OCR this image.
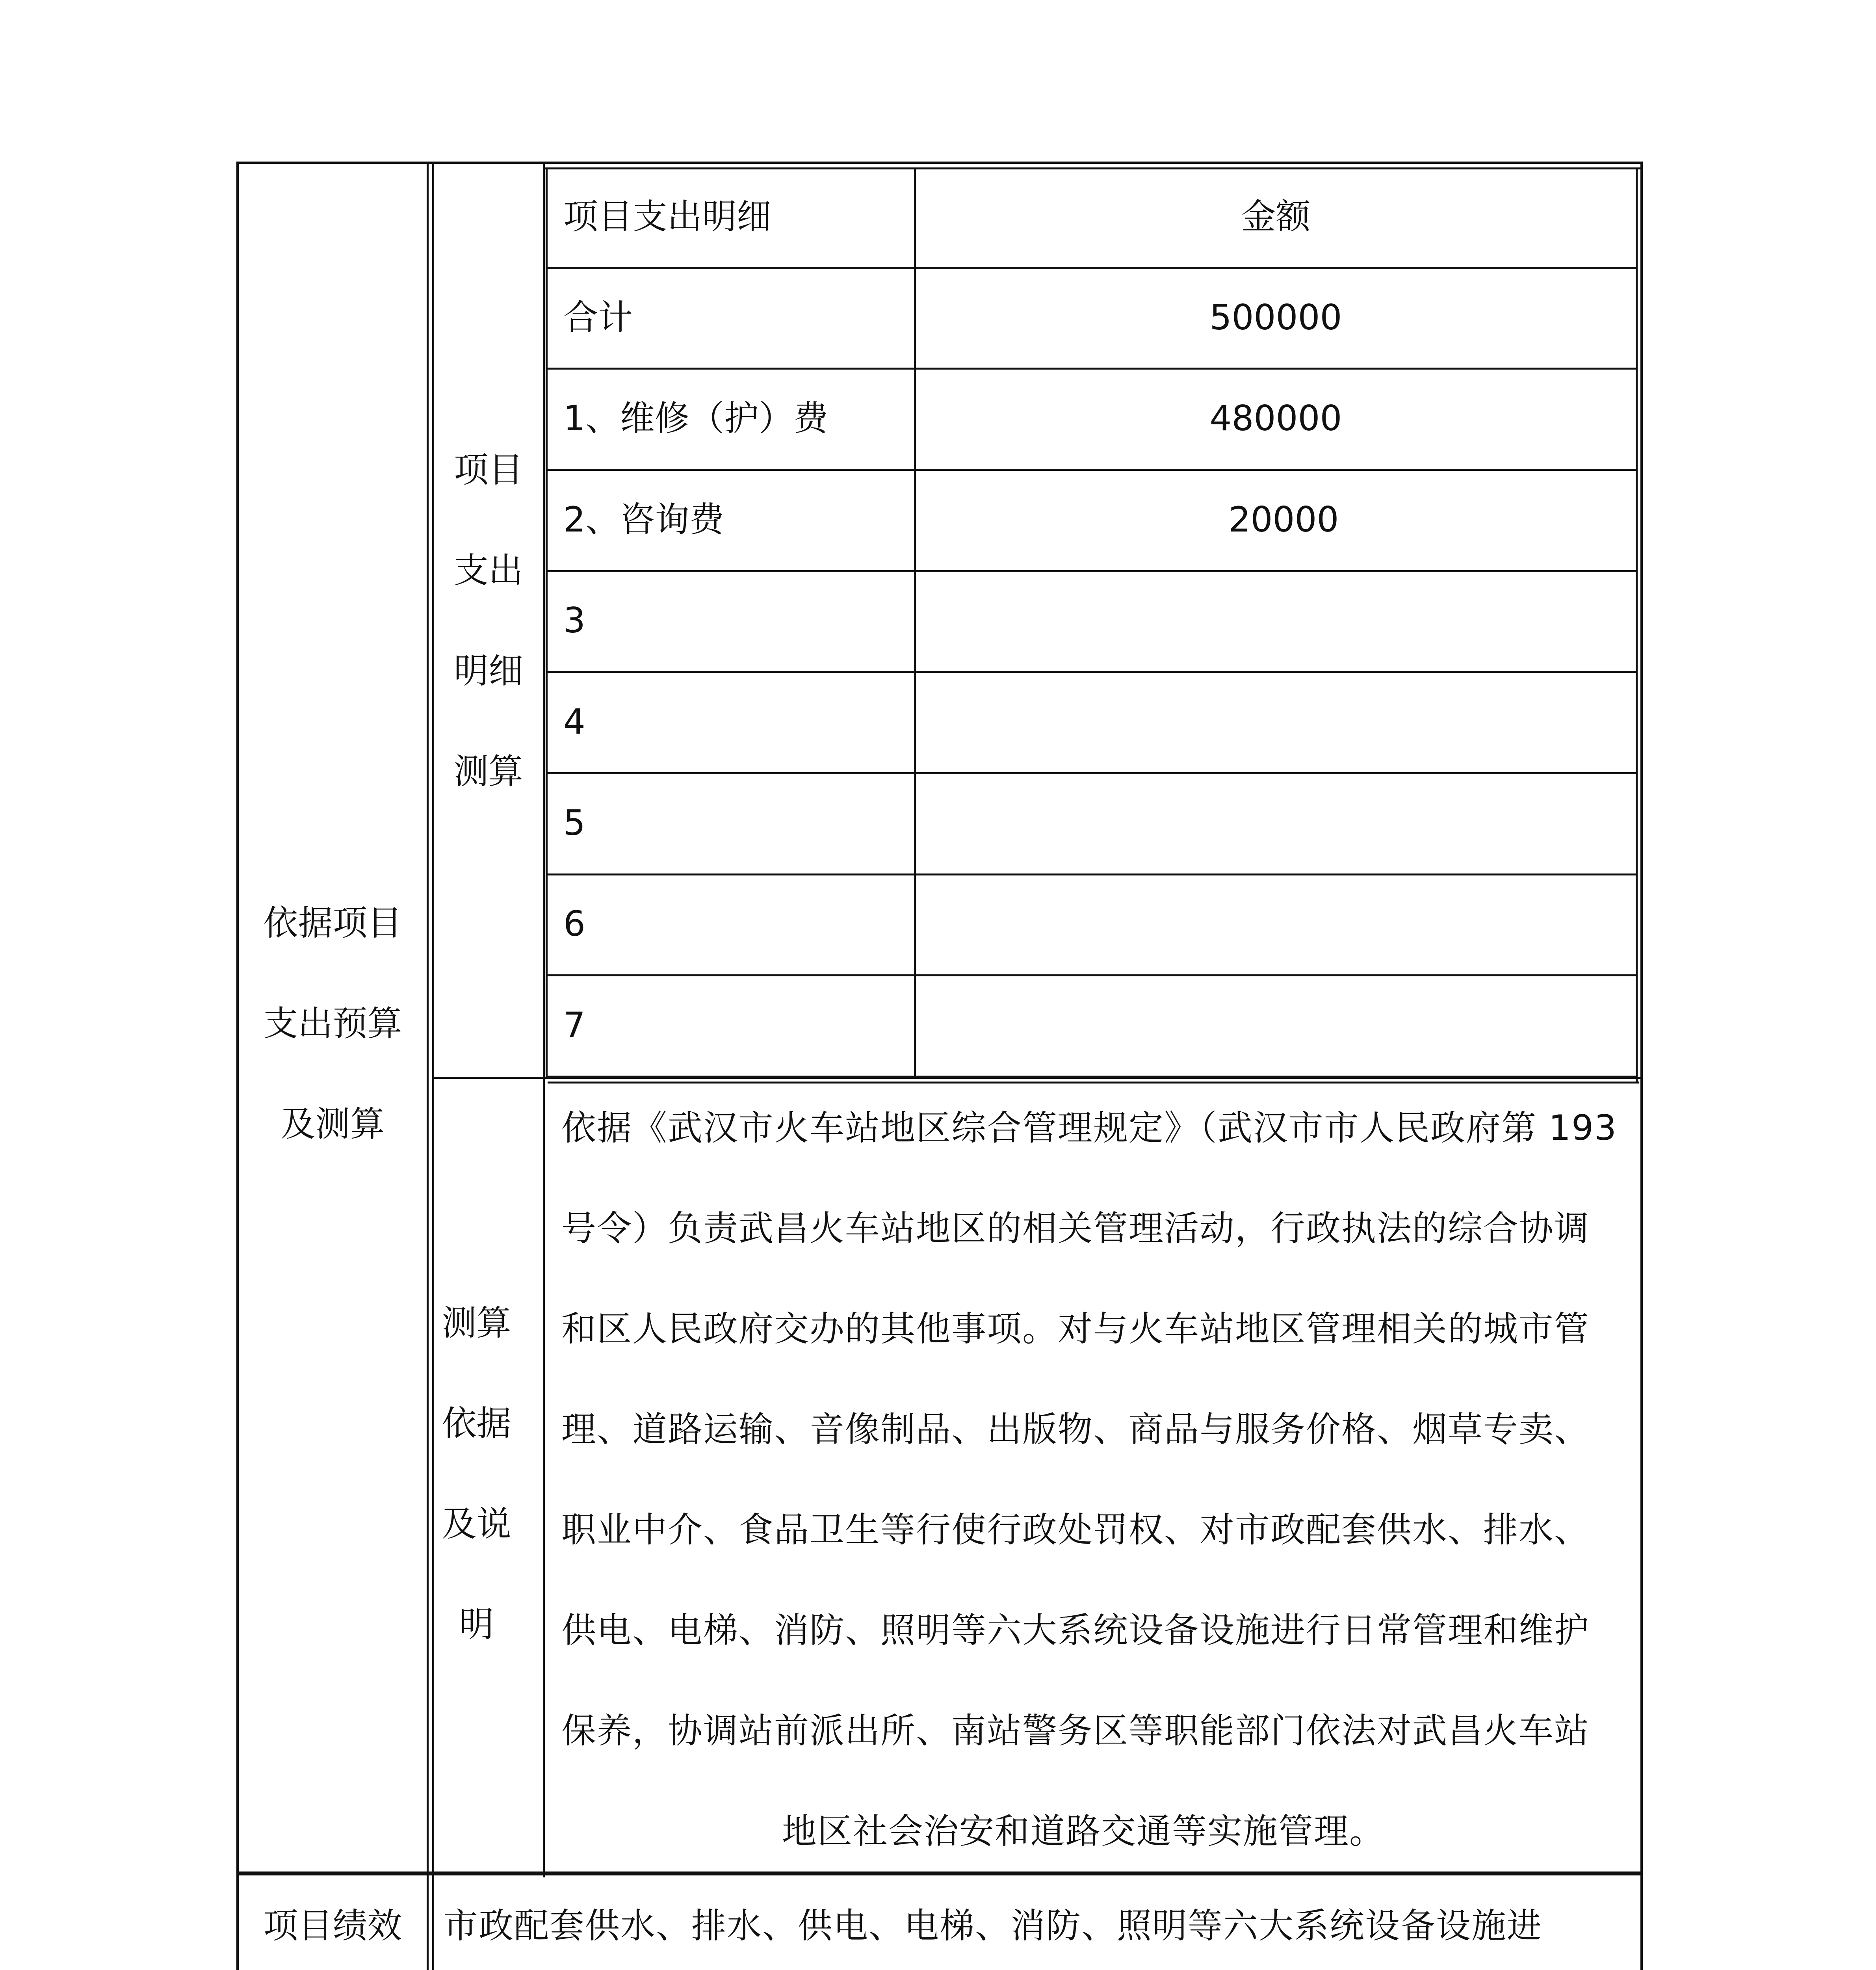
依据项目
支出预算
及测算
项目
支出
明细
测算
项目支出明细	金额
合计	500000
1、维修（护）费	480000
2、咨询费	20000
3
4
5
6
7
测算
依据
及说
明
依据《武汉市火车站地区综合管理规定》（武汉市市人民政府第 193
号令）负责武昌火车站地区的相关管理活动，行政执法的综合协调
和区人民政府交办的其他事项。对与火车站地区管理相关的城市管
理、道路运输、音像制品、出版物、商品与服务价格、烟草专卖、
职业中介、食品卫生等行使行政处罚权、对市政配套供水、排水、
供电、电梯、消防、照明等六大系统设备设施进行日常管理和维护
保养，协调站前派出所、南站警务区等职能部门依法对武昌火车站
地区社会治安和道路交通等实施管理。
项目绩效	市政配套供水、排水、供电、电梯、消防、照明等六大系统设备设施进
